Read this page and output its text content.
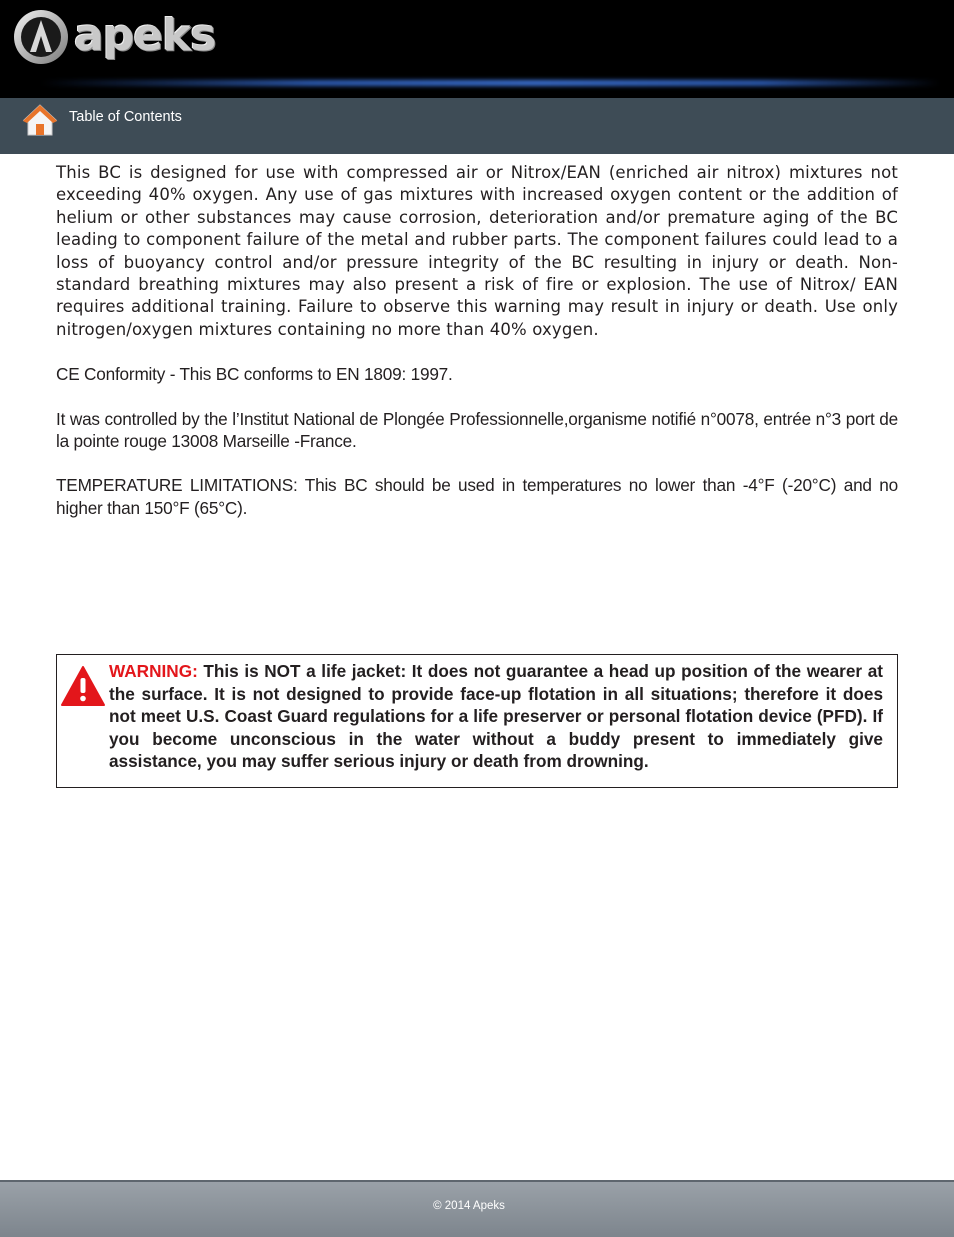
apeks
Table of Contents

This BC is designed for use with compressed air or Nitrox/EAN (enriched air nitrox) mixtures not exceeding 40% oxygen. Any use of gas mixtures with increased oxygen content or the addition of helium or other substances may cause corrosion, deterioration and/or premature aging of the BC leading to component failure of the metal and rubber parts. The component failures could lead to a loss of buoyancy control and/or pressure integrity of the BC resulting in injury or death. Non-standard breathing mixtures may also present a risk of fire or explosion. The use of Nitrox/ EAN requires additional training. Failure to observe this warning may result in injury or death. Use only nitrogen/oxygen mixtures containing no more than 40% oxygen.

CE Conformity - This BC conforms to EN 1809: 1997.

It was controlled by the l’Institut National de Plongée Professionnelle,organisme notifié n°0078, entrée n°3 port de la pointe rouge 13008 Marseille -France.

TEMPERATURE LIMITATIONS: This BC should be used in temperatures no lower than -4°F (-20°C) and no higher than 150°F (65°C).

WARNING: This is NOT a life jacket: It does not guarantee a head up position of the wearer at the surface. It is not designed to provide face-up flotation in all situations; therefore it does not meet U.S. Coast Guard regulations for a life preserver or personal flotation device (PFD). If you become unconscious in the water without a buddy present to immediately give assistance, you may suffer serious injury or death from drowning.

© 2014 Apeks
